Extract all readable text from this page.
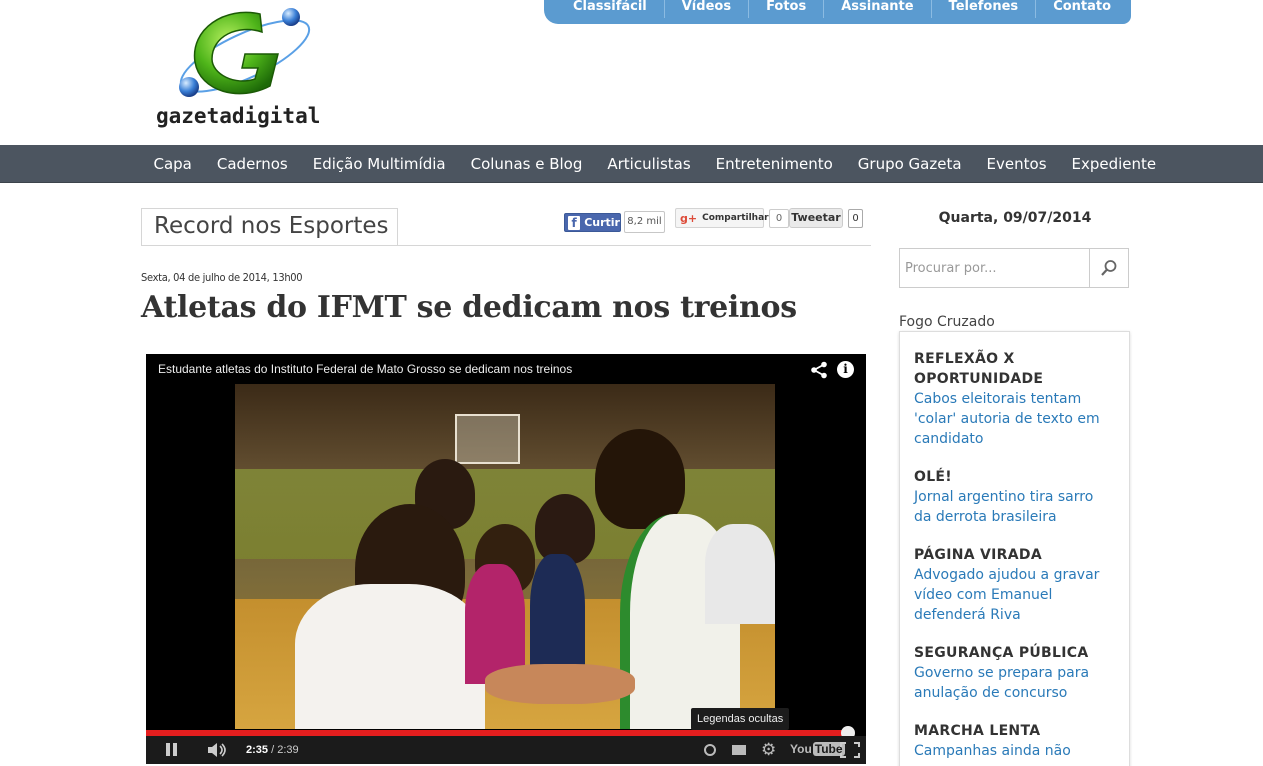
gazetadigital
Classifácil	Vídeos	Fotos	Assinante	Telefones	Contato
Capa	Cadernos	Edição Multimídia	Colunas e Blog	Articulistas	Entretenimento	Grupo Gazeta	Eventos	Expediente
Record nos Esportes	f Curtir 8,2 mil	g+ Compartilhar 0 Tweetar	0
Sexta, 04 de julho de 2014, 13h00
Atletas do IFMT se dedicam nos treinos
Estudante atletas do Instituto Federal de Mato Grosso se dedicam nos treinos	i
Legendas ocultas
2:35 / 2:39	⚙ You Tube
Quarta, 09/07/2014
Procurar por...
Fogo Cruzado
REFLEXÃO X OPORTUNIDADE
Cabos eleitorais tentam 'colar' autoria de texto em candidato
OLÉ!
Jornal argentino tira sarro da derrota brasileira
PÁGINA VIRADA
Advogado ajudou a gravar vídeo com Emanuel defenderá Riva
SEGURANÇA PÚBLICA
Governo se prepara para anulação de concurso
MARCHA LENTA
Campanhas ainda não
